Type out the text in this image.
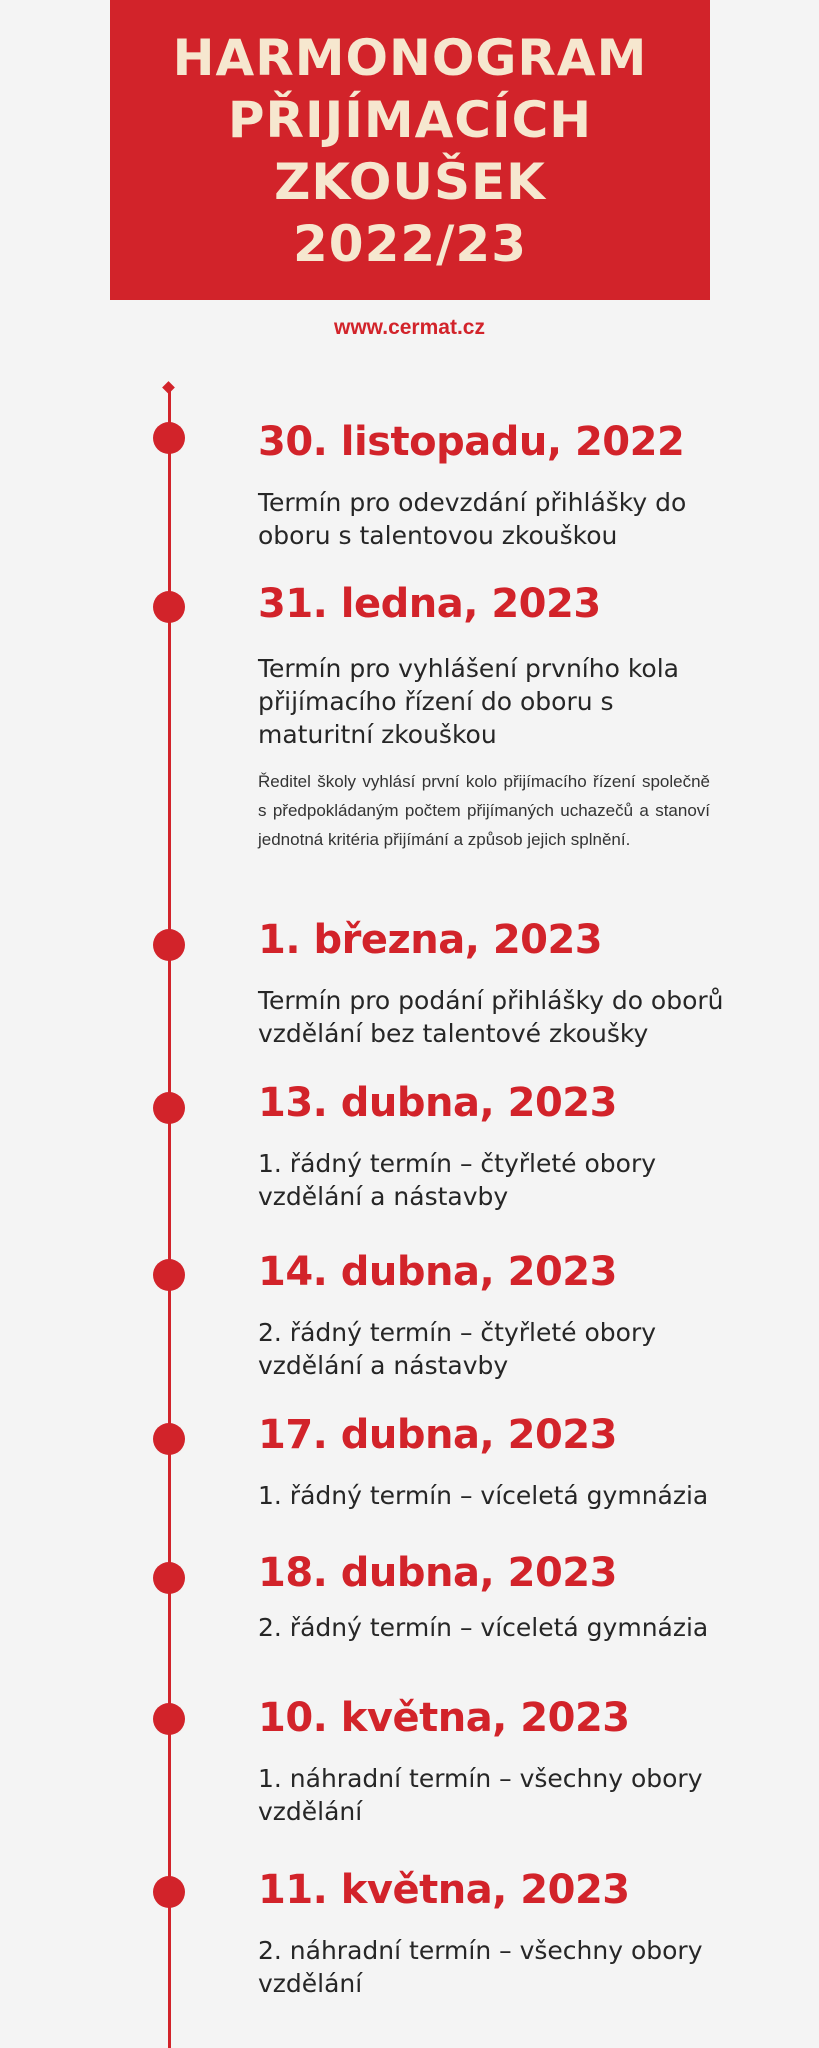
HARMONOGRAM
PŘIJÍMACÍCH
ZKOUŠEK
2022/23
www.cermat.cz
30. listopadu, 2022
Termín pro odevzdání přihlášky do
oboru s talentovou zkouškou
31. ledna, 2023
Termín pro vyhlášení prvního kola
přijímacího řízení do oboru s
maturitní zkouškou
Ředitel školy vyhlásí první kolo přijímacího řízení společně s předpokládaným počtem přijímaných uchazečů a stanoví jednotná kritéria přijímání a způsob jejich splnění.
1. března, 2023
Termín pro podání přihlášky do oborů
vzdělání bez talentové zkoušky
13. dubna, 2023
1. řádný termín – čtyřleté obory
vzdělání a nástavby
14. dubna, 2023
2. řádný termín – čtyřleté obory
vzdělání a nástavby
17. dubna, 2023
1. řádný termín – víceletá gymnázia
18. dubna, 2023
2. řádný termín – víceletá gymnázia
10. května, 2023
1. náhradní termín – všechny obory
vzdělání
11. května, 2023
2. náhradní termín – všechny obory
vzdělání
